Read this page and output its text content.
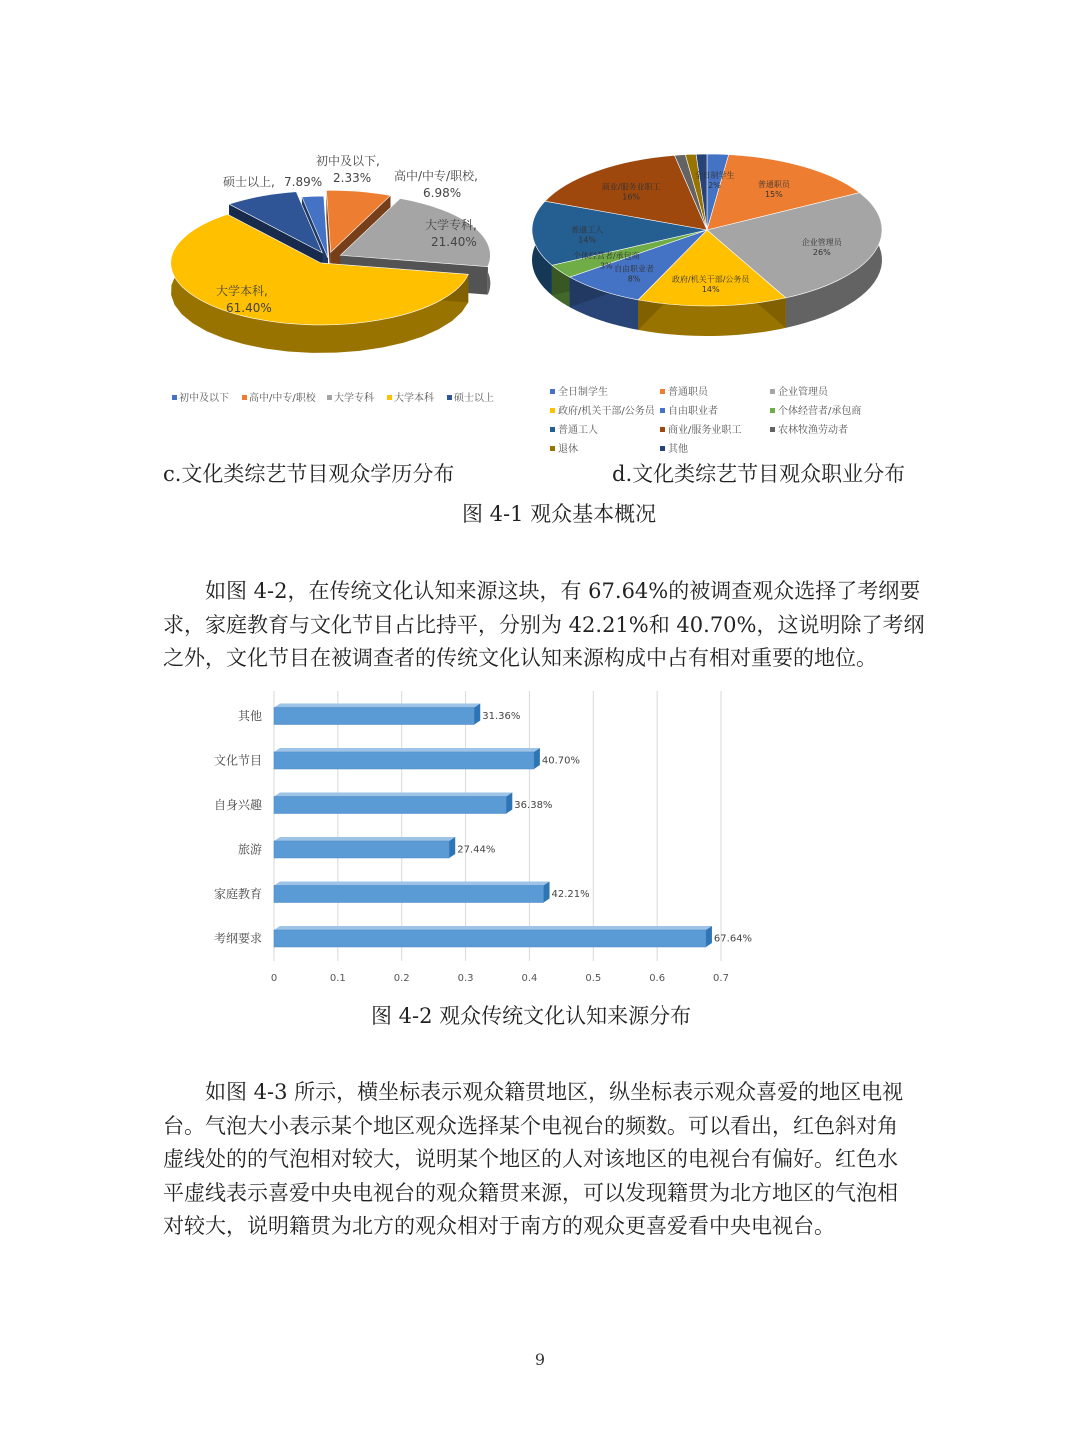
初中及以下,
2.33% 高中/中专/职校,
6.98%
大学专科,
21.40%
大学本科,
61.40%
硕士以上, 7.89%
初中及以下 高中/中专/职校 大学专科 大学本科 硕士以上
全日制学生
2%	普通职员
15%
企业管理员
26%
政府/机关干部/公务员
14%
自由职业者
8%
个体经营者/承包商
3%
普通工人
14%
商业/服务业职工
16%
全日制学生	普通职员	企业管理员
政府/机关干部/公务员 自由职业者	个体经营者/承包商
普通工人	商业/服务业职工	农林牧渔劳动者
退休	其他
c.文化类综艺节目观众学历分布	d.文化类综艺节目观众职业分布
图 4-1 观众基本概况
如图 4-2，在传统文化认知来源这块，有 67.64%的被调查观众选择了考纲要
求，家庭教育与文化节目占比持平，分别为 42.21%和 40.70%，这说明除了考纲
之外，文化节目在被调查者的传统文化认知来源构成中占有相对重要的地位。
其他
文化节目
自身兴趣
旅游
家庭教育
考纲要求
31.36%
40.70%
36.38%
27.44%
42.21%
67.64%
0	0.1	0.2	0.3	0.4	0.5	0.6	0.7
图 4-2 观众传统文化认知来源分布
如图 4-3 所示，横坐标表示观众籍贯地区，纵坐标表示观众喜爱的地区电视
台。气泡大小表示某个地区观众选择某个电视台的频数。可以看出，红色斜对角
虚线处的的气泡相对较大，说明某个地区的人对该地区的电视台有偏好。红色水
平虚线表示喜爱中央电视台的观众籍贯来源，可以发现籍贯为北方地区的气泡相
对较大，说明籍贯为北方的观众相对于南方的观众更喜爱看中央电视台。
9
